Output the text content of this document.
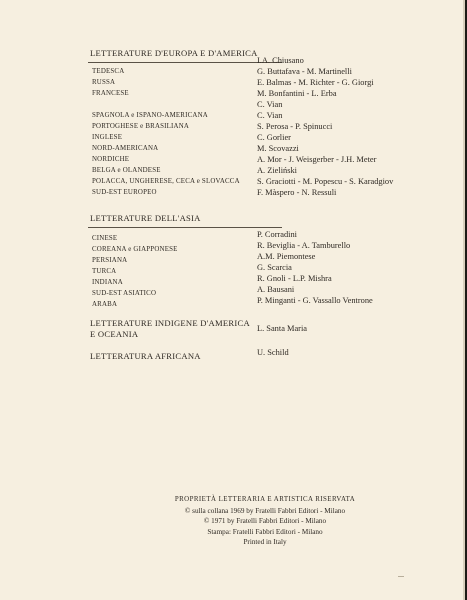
LETTERATURE D'EUROPA E D'AMERICA
TEDESCA
RUSSA
FRANCESE
SPAGNOLA e ISPANO-AMERICANA
PORTOGHESE e BRASILIANA
INGLESE
NORD-AMERICANA
NORDICHE
BELGA e OLANDESE
POLACCA, UNGHERESE, CECA e SLOVACCA
SUD-EST EUROPEO
I.A. Chiusano
G. Buttafava - M. Martinelli
E. Balmas - M. Richter - G. Giorgi
M. Bonfantini - L. Erba
C. Vian
C. Vian
S. Perosa - P. Spinucci
C. Gorlier
M. Scovazzi
A. Mor - J. Weisgerber - J.H. Meter
A. Zieliński
S. Graciotti - M. Popescu - S. Karadgiov
F. Màspero - N. Ressuli
LETTERATURE DELL'ASIA
CINESE
COREANA e GIAPPONESE
PERSIANA
TURCA
INDIANA
SUD-EST ASIATICO
ARABA
P. Corradini
R. Beviglia - A. Tamburello
A.M. Piemontese
G. Scarcia
R. Gnoli - L.P. Mishra
A. Bausani
P. Minganti - G. Vassallo Ventrone
LETTERATURE INDIGENE D'AMERICA
E OCEANIA
L. Santa Maria
LETTERATURA AFRICANA	U. Schild
PROPRIETÀ LETTERARIA E ARTISTICA RISERVATA
© sulla collana 1969 by Fratelli Fabbri Editori - Milano
© 1971 by Fratelli Fabbri Editori - Milano
Stampa: Fratelli Fabbri Editori - Milano
Printed in Italy
